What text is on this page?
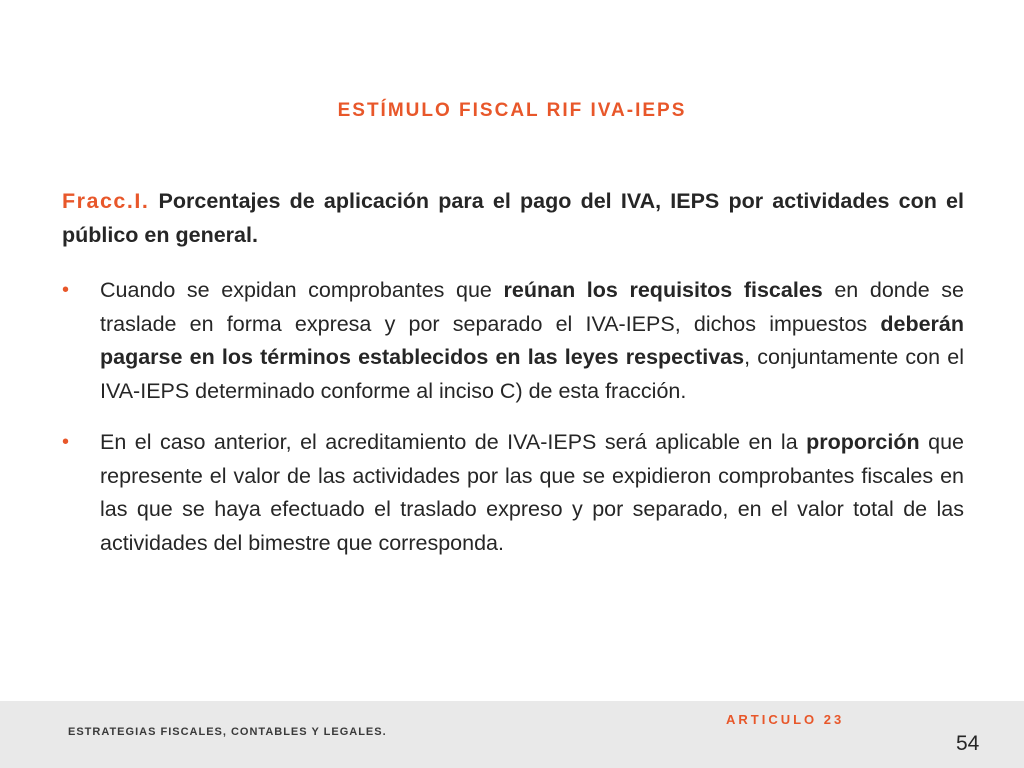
ESTÍMULO FISCAL RIF IVA-IEPS

Fracc.I. Porcentajes de aplicación para el pago del IVA, IEPS por actividades con el público en general.

• Cuando se expidan comprobantes que reúnan los requisitos fiscales en donde se traslade en forma expresa y por separado el IVA-IEPS, dichos impuestos deberán pagarse en los términos establecidos en las leyes respectivas, conjuntamente con el IVA-IEPS determinado conforme al inciso C) de esta fracción.
• En el caso anterior, el acreditamiento de IVA-IEPS será aplicable en la proporción que represente el valor de las actividades por las que se expidieron comprobantes fiscales en las que se haya efectuado el traslado expreso y por separado, en el valor total de las actividades del bimestre que corresponda.
ESTRATEGIAS FISCALES, CONTABLES Y LEGALES.
ARTICULO 23
54
